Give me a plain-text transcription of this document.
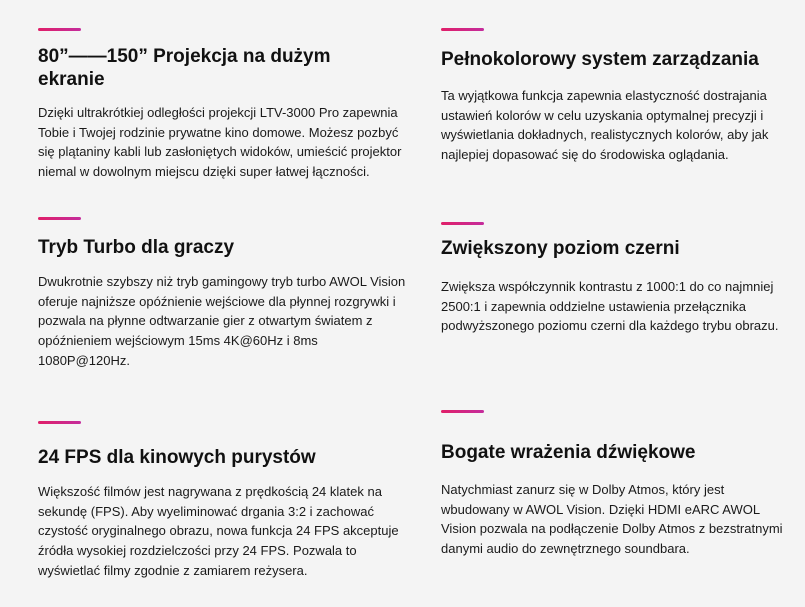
80”——150” Projekcja na dużym ekranie

Dzięki ultrakrótkiej odległości projekcji LTV-3000 Pro zapewnia Tobie i Twojej rodzinie prywatne kino domowe. Możesz pozbyć się plątaniny kabli lub zasłoniętych widoków, umieścić projektor niemal w dowolnym miejscu dzięki super łatwej łączności.

Pełnokolorowy system zarządzania

Ta wyjątkowa funkcja zapewnia elastyczność dostrajania ustawień kolorów w celu uzyskania optymalnej precyzji i wyświetlania dokładnych, realistycznych kolorów, aby jak najlepiej dopasować się do środowiska oglądania.

Tryb Turbo dla graczy

Dwukrotnie szybszy niż tryb gamingowy tryb turbo AWOL Vision oferuje najniższe opóźnienie wejściowe dla płynnej rozgrywki i pozwala na płynne odtwarzanie gier z otwartym światem z opóźnieniem wejściowym 15ms 4K@60Hz i 8ms 1080P@120Hz.

Zwiększony poziom czerni

Zwiększa współczynnik kontrastu z 1000:1 do co najmniej 2500:1 i zapewnia oddzielne ustawienia przełącznika podwyższonego poziomu czerni dla każdego trybu obrazu.

24 FPS dla kinowych purystów

Większość filmów jest nagrywana z prędkością 24 klatek na sekundę (FPS). Aby wyeliminować drgania 3:2 i zachować czystość oryginalnego obrazu, nowa funkcja 24 FPS akceptuje źródła wysokiej rozdzielczości przy 24 FPS. Pozwala to wyświetlać filmy zgodnie z zamiarem reżysera.

Bogate wrażenia dźwiękowe

Natychmiast zanurz się w Dolby Atmos, który jest wbudowany w AWOL Vision. Dzięki HDMI eARC AWOL Vision pozwala na podłączenie Dolby Atmos z bezstratnymi danymi audio do zewnętrznego soundbara.
